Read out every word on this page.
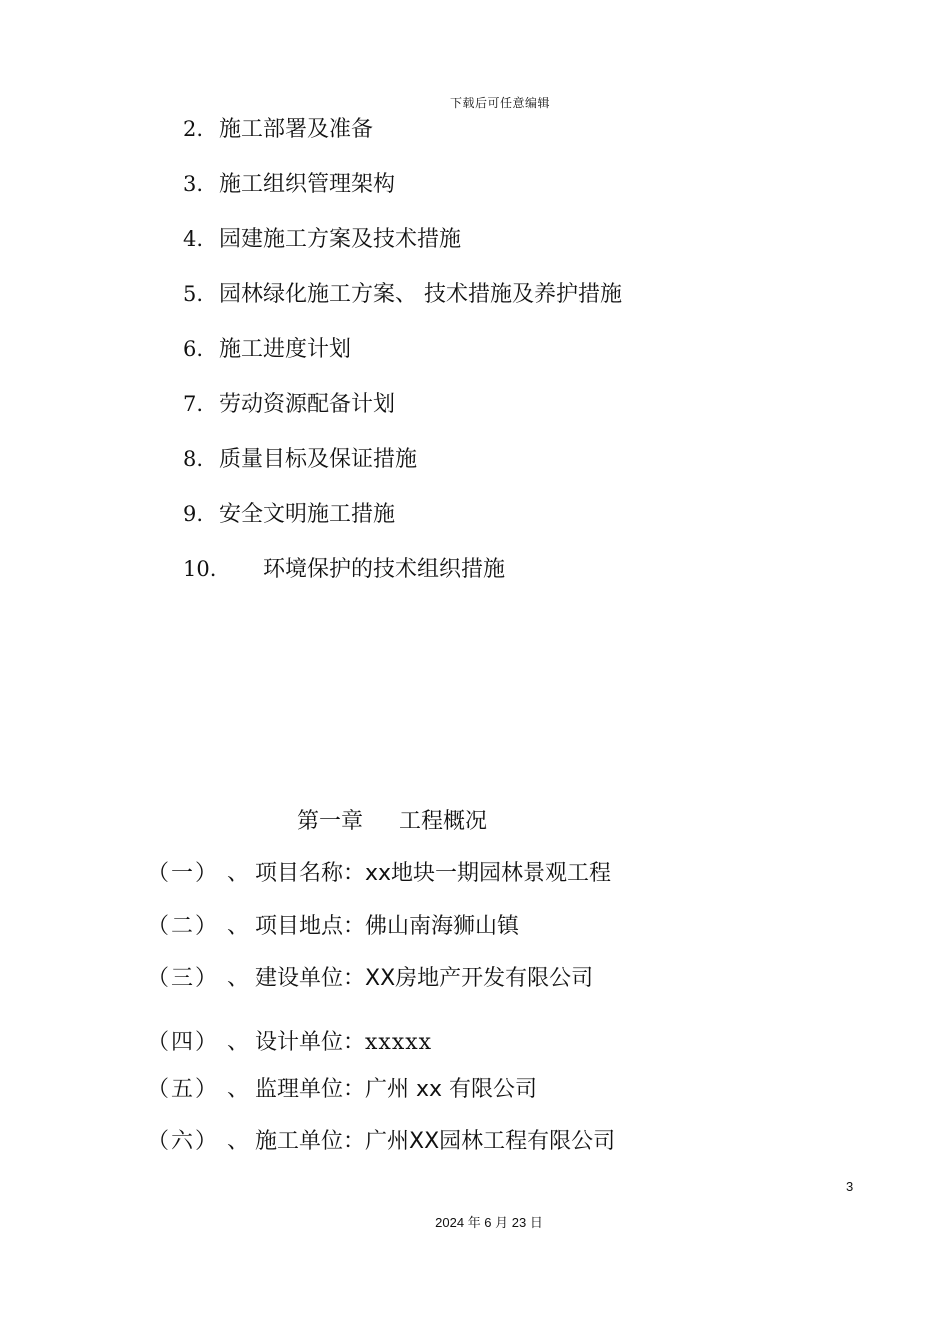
下载后可任意编辑
2. 施工部署及准备
3. 施工组织管理架构
4. 园建施工方案及技术措施
5. 园林绿化施工方案、 技术措施及养护措施
6. 施工进度计划
7. 劳动资源配备计划
8. 质量目标及保证措施
9. 安全文明施工措施
10. 环境保护的技术组织措施
第一章 工程概况
（一） 、 项目名称：xx地块一期园林景观工程
（二） 、 项目地点：佛山南海狮山镇
（三） 、 建设单位：XX房地产开发有限公司
（四） 、 设计单位：xxxxx
（五） 、 监理单位：广州 xx 有限公司
（六） 、 施工单位：广州XX园林工程有限公司
3
2024 年 6 月 23 日
